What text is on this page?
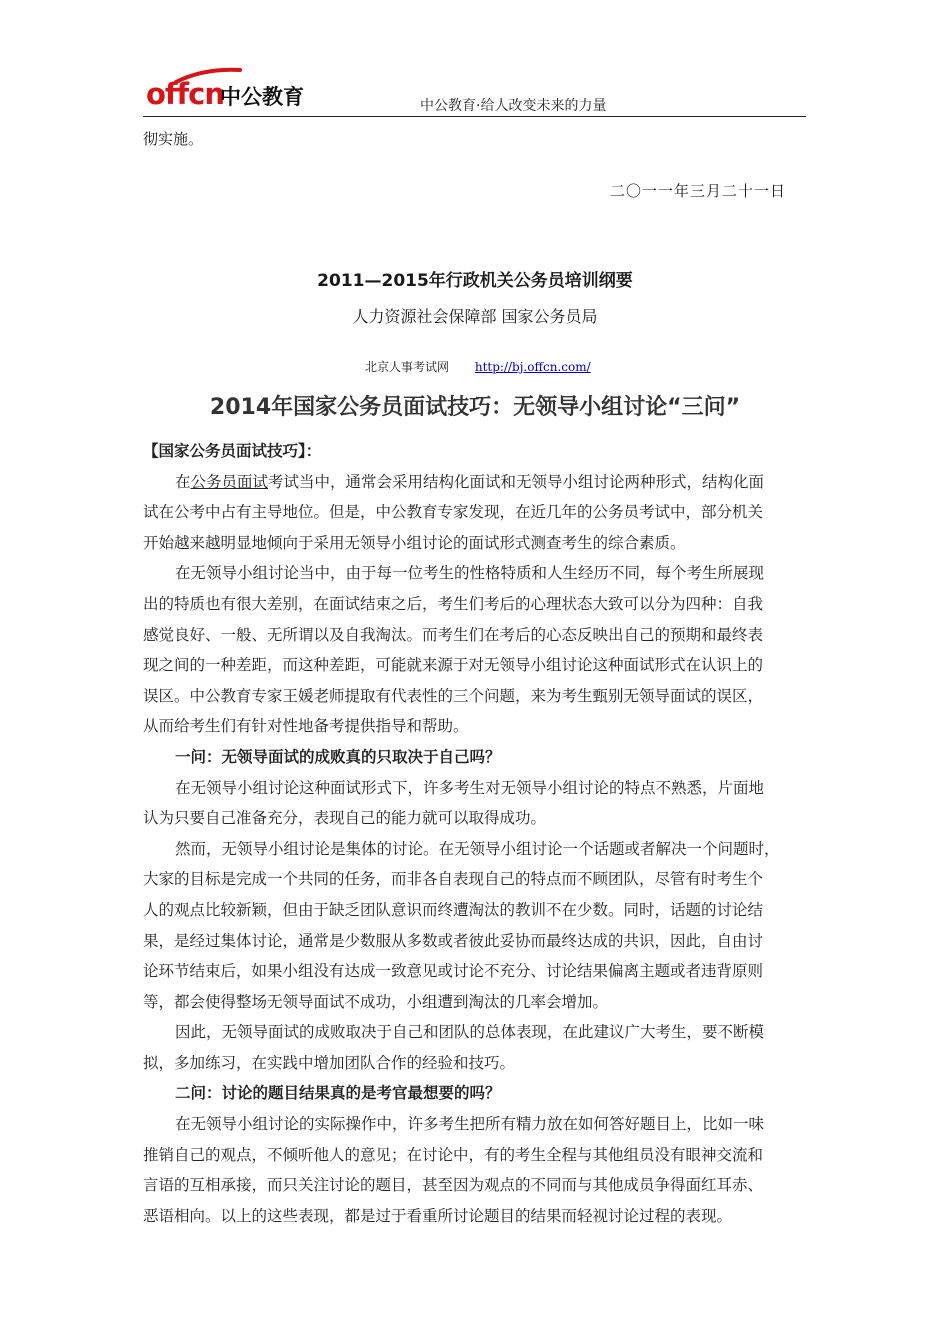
offcn
中公教育	中公教育·给人改变未来的力量
彻实施。
二〇一一年三月二十一日
2011—2015年行政机关公务员培训纲要
人力资源社会保障部 国家公务员局
北京人事考试网 http://bj.offcn.com/
2014年国家公务员面试技巧：无领导小组讨论“三问”
【国家公务员面试技巧】：
在公务员面试考试当中，通常会采用结构化面试和无领导小组讨论两种形式，结构化面
试在公考中占有主导地位。但是，中公教育专家发现，在近几年的公务员考试中，部分机关
开始越来越明显地倾向于采用无领导小组讨论的面试形式测查考生的综合素质。
在无领导小组讨论当中，由于每一位考生的性格特质和人生经历不同，每个考生所展现
出的特质也有很大差别，在面试结束之后，考生们考后的心理状态大致可以分为四种：自我
感觉良好、一般、无所谓以及自我淘汰。而考生们在考后的心态反映出自己的预期和最终表
现之间的一种差距，而这种差距，可能就来源于对无领导小组讨论这种面试形式在认识上的
误区。中公教育专家王媛老师提取有代表性的三个问题，来为考生甄别无领导面试的误区，
从而给考生们有针对性地备考提供指导和帮助。
一问：无领导面试的成败真的只取决于自己吗？
在无领导小组讨论这种面试形式下，许多考生对无领导小组讨论的特点不熟悉，片面地
认为只要自己准备充分，表现自己的能力就可以取得成功。
然而，无领导小组讨论是集体的讨论。在无领导小组讨论一个话题或者解决一个问题时，
大家的目标是完成一个共同的任务，而非各自表现自己的特点而不顾团队，尽管有时考生个
人的观点比较新颖，但由于缺乏团队意识而终遭淘汰的教训不在少数。同时，话题的讨论结
果，是经过集体讨论，通常是少数服从多数或者彼此妥协而最终达成的共识，因此，自由讨
论环节结束后，如果小组没有达成一致意见或讨论不充分、讨论结果偏离主题或者违背原则
等，都会使得整场无领导面试不成功，小组遭到淘汰的几率会增加。
因此，无领导面试的成败取决于自己和团队的总体表现，在此建议广大考生，要不断模
拟，多加练习，在实践中增加团队合作的经验和技巧。
二问：讨论的题目结果真的是考官最想要的吗？
在无领导小组讨论的实际操作中，许多考生把所有精力放在如何答好题目上，比如一味
推销自己的观点，不倾听他人的意见；在讨论中，有的考生全程与其他组员没有眼神交流和
言语的互相承接，而只关注讨论的题目，甚至因为观点的不同而与其他成员争得面红耳赤、
恶语相向。以上的这些表现，都是过于看重所讨论题目的结果而轻视讨论过程的表现。
